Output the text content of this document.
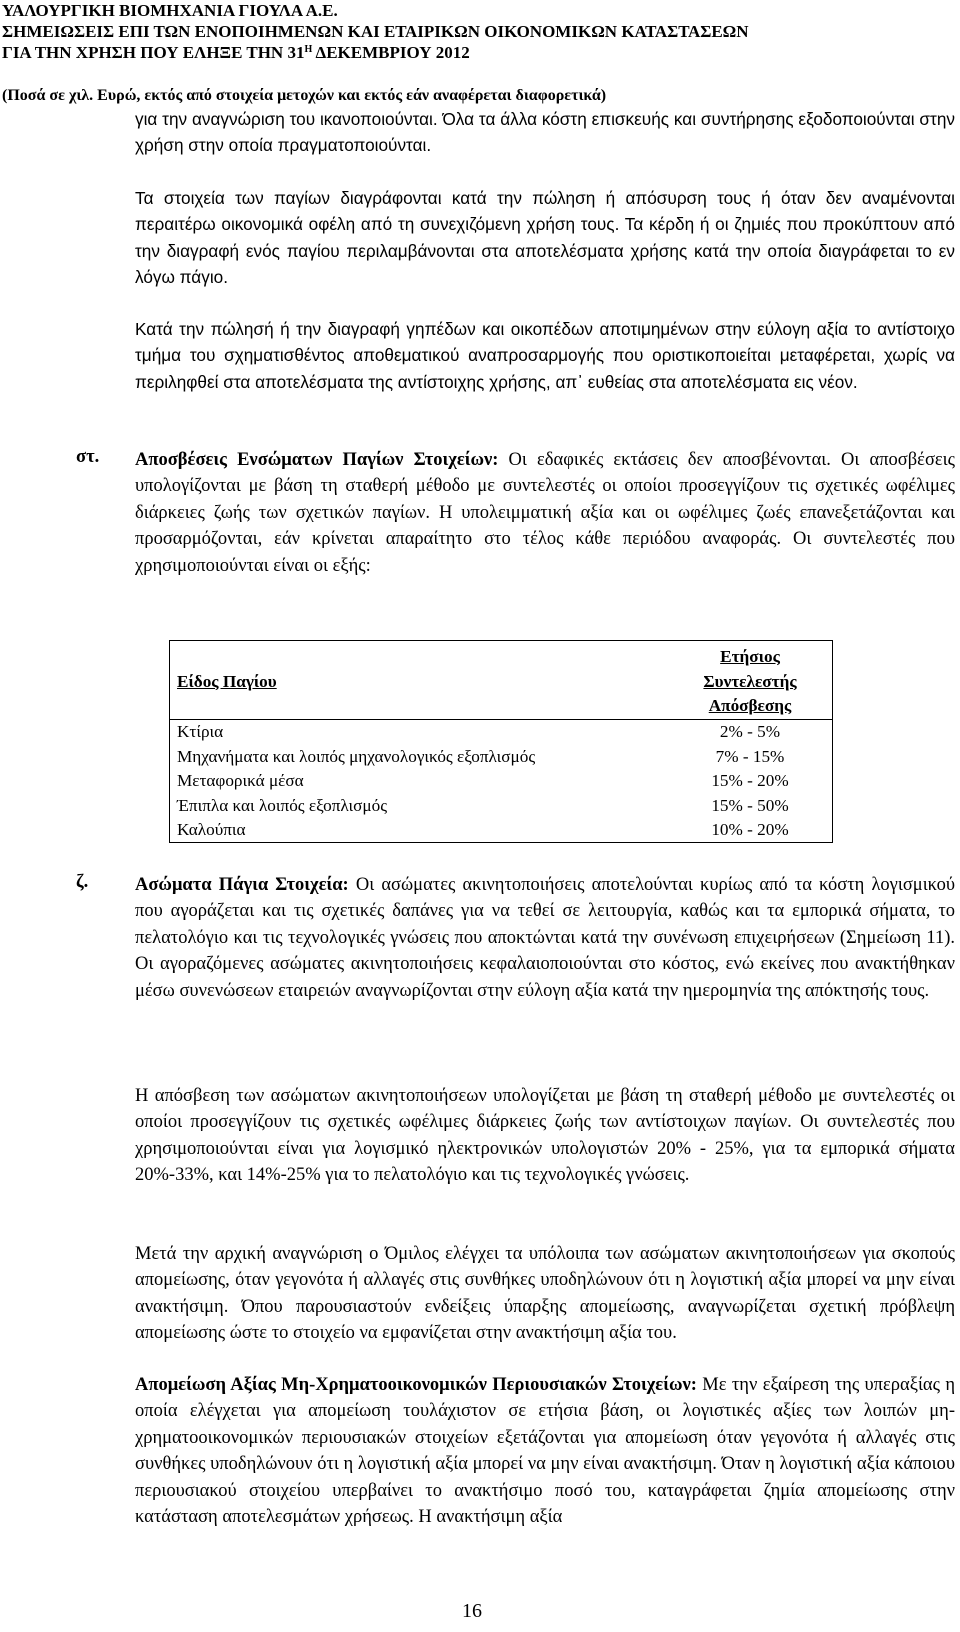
ΥΑΛΟΥΡΓΙΚΗ ΒΙΟΜΗΧΑΝΙΑ ΓΙΟΥΛΑ Α.Ε.
ΣΗΜΕΙΩΣΕΙΣ ΕΠΙ ΤΩΝ ΕΝΟΠΟΙΗΜΕΝΩΝ ΚΑΙ ΕΤΑΙΡΙΚΩΝ ΟΙΚΟΝΟΜΙΚΩΝ ΚΑΤΑΣΤΑΣΕΩΝ
ΓΙΑ ΤΗΝ ΧΡΗΣΗ ΠΟΥ ΕΛΗΞΕ ΤΗΝ $31^H$ ΔΕΚΕΜΒΡΙΟΥ 2012
(Ποσά σε χιλ. Ευρώ, εκτός από στοιχεία μετοχών και εκτός εάν αναφέρεται διαφορετικά)
για την αναγνώριση του ικανοποιούνται. Όλα τα άλλα κόστη επισκευής και συντήρησης εξοδοποιούνται στην χρήση στην οποία πραγματοποιούνται.
Τα στοιχεία των παγίων διαγράφονται κατά την πώληση ή απόσυρση τους ή όταν δεν αναμένονται περαιτέρω οικονομικά οφέλη από τη συνεχιζόμενη χρήση τους. Τα κέρδη ή οι ζημιές που προκύπτουν από την διαγραφή ενός παγίου περιλαμβάνονται στα αποτελέσματα χρήσης κατά την οποία διαγράφεται το εν λόγω πάγιο.
Κατά την πώλησή ή την διαγραφή γηπέδων και οικοπέδων αποτιμημένων στην εύλογη αξία το αντίστοιχο τμήμα του σχηματισθέντος αποθεματικού αναπροσαρμογής που οριστικοποιείται μεταφέρεται, χωρίς να περιληφθεί στα αποτελέσματα της αντίστοιχης χρήσης, απ᾽ ευθείας στα αποτελέσματα εις νέον.
στ. Αποσβέσεις Ενσώματων Παγίων Στοιχείων: Οι εδαφικές εκτάσεις δεν αποσβένονται. Οι αποσβέσεις υπολογίζονται με βάση τη σταθερή μέθοδο με συντελεστές οι οποίοι προσεγγίζουν τις σχετικές ωφέλιμες διάρκειες ζωής των σχετικών παγίων. Η υπολειμματική αξία και οι ωφέλιμες ζωές επανεξετάζονται και προσαρμόζονται, εάν κρίνεται απαραίτητο στο τέλος κάθε περιόδου αναφοράς. Οι συντελεστές που χρησιμοποιούνται είναι οι εξής:
Είδος Παγίου	Ετήσιος
Συντελεστής
Απόσβεσης

Κτίρια	2% - 5%
Μηχανήματα και λοιπός μηχανολογικός εξοπλισμός	7% - 15%
Μεταφορικά μέσα	15% - 20%
Έπιπλα και λοιπός εξοπλισμός	15% - 50%
Καλούπια	10% - 20%
ζ.	Ασώματα Πάγια Στοιχεία: Οι ασώματες ακινητοποιήσεις αποτελούνται κυρίως από τα κόστη λογισμικού που αγοράζεται και τις σχετικές δαπάνες για να τεθεί σε λειτουργία, καθώς και τα εμπορικά σήματα, το πελατολόγιο και τις τεχνολογικές γνώσεις που αποκτώνται κατά την συνένωση επιχειρήσεων (Σημείωση 11). Οι αγοραζόμενες ασώματες ακινητοποιήσεις κεφαλαιοποιούνται στο κόστος, ενώ εκείνες που ανακτήθηκαν μέσω συνενώσεων εταιρειών αναγνωρίζονται στην εύλογη αξία κατά την ημερομηνία της απόκτησής τους.
Η απόσβεση των ασώματων ακινητοποιήσεων υπολογίζεται με βάση τη σταθερή μέθοδο με συντελεστές οι οποίοι προσεγγίζουν τις σχετικές ωφέλιμες διάρκειες ζωής των αντίστοιχων παγίων. Οι συντελεστές που χρησιμοποιούνται είναι για λογισμικό ηλεκτρονικών υπολογιστών 20% - 25%, για τα εμπορικά σήματα 20%-33%, και 14%-25% για το πελατολόγιο και τις τεχνολογικές γνώσεις.
Μετά την αρχική αναγνώριση ο Όμιλος ελέγχει τα υπόλοιπα των ασώματων ακινητοποιήσεων για σκοπούς απομείωσης, όταν γεγονότα ή αλλαγές στις συνθήκες υποδηλώνουν ότι η λογιστική αξία μπορεί να μην είναι ανακτήσιμη. Όπου παρουσιαστούν ενδείξεις ύπαρξης απομείωσης, αναγνωρίζεται σχετική πρόβλεψη απομείωσης ώστε το στοιχείο να εμφανίζεται στην ανακτήσιμη αξία του.
Απομείωση Αξίας Μη-Χρηματοοικονομικών Περιουσιακών Στοιχείων: Με την εξαίρεση της υπεραξίας η οποία ελέγχεται για απομείωση τουλάχιστον σε ετήσια βάση, οι λογιστικές αξίες των λοιπών μη-χρηματοοικονομικών περιουσιακών στοιχείων εξετάζονται για απομείωση όταν γεγονότα ή αλλαγές στις συνθήκες υποδηλώνουν ότι η λογιστική αξία μπορεί να μην είναι ανακτήσιμη. Όταν η λογιστική αξία κάποιου περιουσιακού στοιχείου υπερβαίνει το ανακτήσιμο ποσό του, καταγράφεται ζημία απομείωσης στην κατάσταση αποτελεσμάτων χρήσεως. Η ανακτήσιμη αξία
16
